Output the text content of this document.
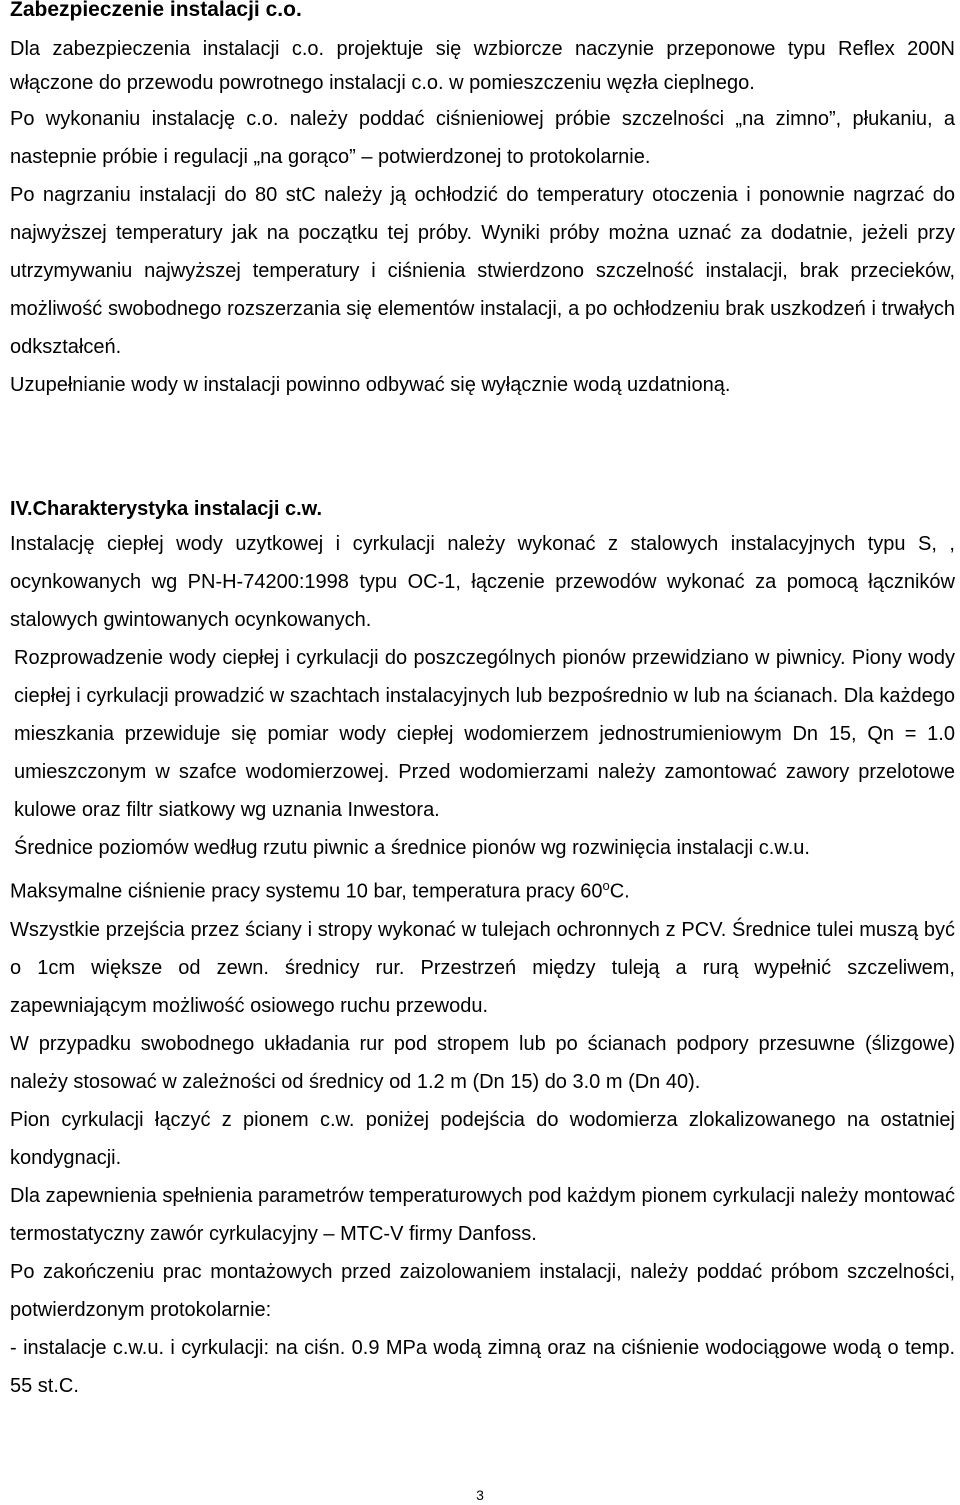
Zabezpieczenie instalacji c.o.

Dla zabezpieczenia instalacji c.o. projektuje się wzbiorcze naczynie przeponowe typu Reflex 200N włączone do przewodu powrotnego instalacji c.o. w pomieszczeniu węzła cieplnego.

Po wykonaniu instalację c.o. należy poddać ciśnieniowej próbie szczelności „na zimno”, płukaniu, a nastepnie próbie i regulacji „na gorąco” – potwierdzonej to protokolarnie.

Po nagrzaniu instalacji do 80 stC należy ją ochłodzić do temperatury otoczenia i ponownie nagrzać do najwyższej temperatury jak na początku tej próby. Wyniki próby można uznać za dodatnie, jeżeli przy utrzymywaniu najwyższej temperatury i ciśnienia stwierdzono szczelność instalacji, brak przecieków, możliwość swobodnego rozszerzania się elementów instalacji, a po ochłodzeniu brak uszkodzeń i trwałych odkształceń.

Uzupełnianie wody w instalacji powinno odbywać się wyłącznie wodą uzdatnioną.

IV.Charakterystyka instalacji c.w.

Instalację ciepłej wody uzytkowej i cyrkulacji należy wykonać z stalowych instalacyjnych typu S, , ocynkowanych wg PN-H-74200:1998 typu OC-1, łączenie przewodów wykonać za pomocą łączników stalowych gwintowanych ocynkowanych.

Rozprowadzenie wody ciepłej i cyrkulacji do poszczególnych pionów przewidziano w piwnicy. Piony wody ciepłej i cyrkulacji prowadzić w szachtach instalacyjnych lub bezpośrednio w lub na ścianach. Dla każdego mieszkania przewiduje się pomiar wody ciepłej wodomierzem jednostrumieniowym Dn 15, Qn = 1.0 umieszczonym w szafce wodomierzowej. Przed wodomierzami należy zamontować zawory przelotowe kulowe oraz filtr siatkowy wg uznania Inwestora.

Średnice poziomów według rzutu piwnic a średnice pionów wg rozwinięcia instalacji c.w.u.

Maksymalne ciśnienie pracy systemu 10 bar, temperatura pracy 60$^o$C.

Wszystkie przejścia przez ściany i stropy wykonać w tulejach ochronnych z PCV. Średnice tulei muszą być o 1cm większe od zewn. średnicy rur. Przestrzeń między tuleją a rurą wypełnić szczeliwem, zapewniającym możliwość osiowego ruchu przewodu.

W przypadku swobodnego układania rur pod stropem lub po ścianach podpory przesuwne (ślizgowe) należy stosować w zależności od średnicy od 1.2 m (Dn 15) do 3.0 m (Dn 40).

Pion cyrkulacji łączyć z pionem c.w. poniżej podejścia do wodomierza zlokalizowanego na ostatniej kondygnacji.

Dla zapewnienia spełnienia parametrów temperaturowych pod każdym pionem cyrkulacji należy montować termostatyczny zawór cyrkulacyjny – MTC-V firmy Danfoss.

Po zakończeniu prac montażowych przed zaizolowaniem instalacji, należy poddać próbom szczelności, potwierdzonym protokolarnie:

- instalacje c.w.u. i cyrkulacji: na ciśn. 0.9 MPa wodą zimną oraz na ciśnienie wodociągowe wodą o temp. 55 st.C.

3
